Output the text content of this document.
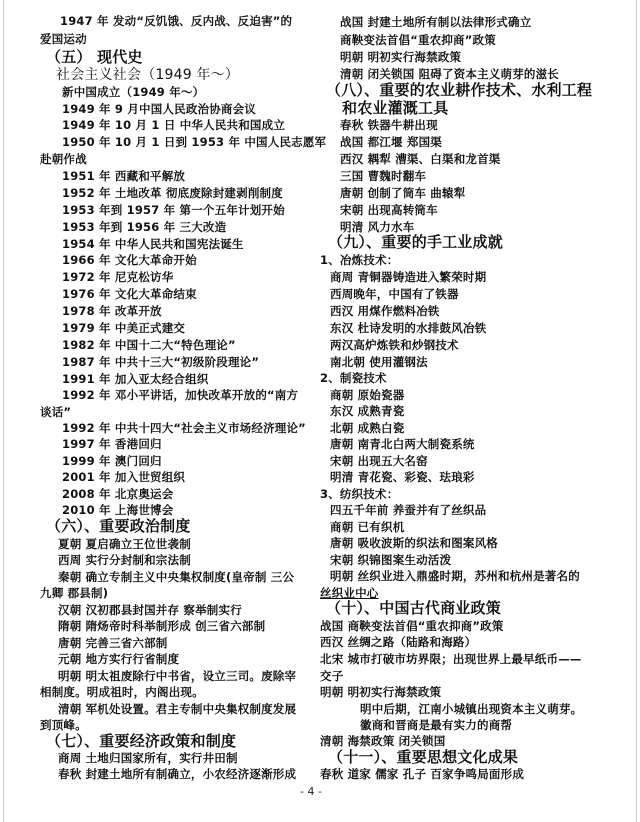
1947 年 发动“反饥饿、反内战、反迫害”的
爱国运动
（五） 现代史
社会主义社会（1949 年～）
新中国成立（1949 年～）
1949 年 9 月中国人民政治协商会议
1949 年 10 月 1 日 中华人民共和国成立
1950 年 10 月 1 日到 1953 年 中国人民志愿军
赴朝作战
1951 年 西藏和平解放
1952 年 土地改革 彻底废除封建剥削制度
1953 年到 1957 年 第一个五年计划开始
1953 年到 1956 年 三大改造
1954 年 中华人民共和国宪法诞生
1966 年 文化大革命开始
1972 年 尼克松访华
1976 年 文化大革命结束
1978 年 改革开放
1979 年 中美正式建交
1982 年 中国十二大“特色理论”
1987 年 中共十三大“初级阶段理论”
1991 年 加入亚太经合组织
1992 年 邓小平讲话，加快改革开放的“南方
谈话”
1992 年 中共十四大“社会主义市场经济理论”
1997 年 香港回归
1999 年 澳门回归
2001 年 加入世贸组织
2008 年 北京奥运会
2010 年 上海世博会
（六）、重要政治制度
夏朝 夏启确立王位世袭制
西周 实行分封制和宗法制
秦朝 确立专制主义中央集权制度(皇帝制 三公
九卿 郡县制)
汉朝 汉初郡县封国并存 察举制实行
隋朝 隋炀帝时科举制形成 创三省六部制
唐朝 完善三省六部制
元朝 地方实行行省制度
明朝 明太祖废除行中书省，设立三司。废除宰
相制度。明成祖时，内阁出现。
清朝 军机处设置。君主专制中央集权制度发展
到顶峰。
（七）、重要经济政策和制度
商周 土地归国家所有，实行井田制
春秋 封建土地所有制确立，小农经济逐渐形成
战国 封建土地所有制以法律形式确立
商鞅变法首倡“重农抑商”政策
明朝 明初实行海禁政策
清朝 闭关锁国 阻碍了资本主义萌芽的滋长
（八）、重要的农业耕作技术、水利工程
和农业灌溉工具
春秋 铁器牛耕出现
战国 都江堰 郑国渠
西汉 耦犁 漕渠、白渠和龙首渠
三国 曹魏时翻车
唐朝 创制了筒车 曲辕犁
宋朝 出现高转筒车
明清 风力水车
（九）、重要的手工业成就
1、冶炼技术：
商周 青铜器铸造进入繁荣时期
西周晚年，中国有了铁器
西汉 用煤作燃料冶铁
东汉 杜诗发明的水排鼓风冶铁
两汉高炉炼铁和炒钢技术
南北朝 使用灌钢法
2、制瓷技术
商朝 原始瓷器
东汉 成熟青瓷
北朝 成熟白瓷
唐朝 南青北白两大制瓷系统
宋朝 出现五大名窑
明清 青花瓷、彩瓷、珐琅彩
3、纺织技术：
四五千年前 养蚕并有了丝织品
商朝 已有织机
唐朝 吸收波斯的织法和图案风格
宋朝 织锦图案生动活泼
明朝 丝织业进入鼎盛时期，苏州和杭州是著名的
丝织业中心
（十）、中国古代商业政策
战国 商鞅变法首倡“重农抑商”政策
西汉 丝绸之路（陆路和海路）
北宋 城市打破市坊界限；出现世界上最早纸币——
交子
明朝 明初实行海禁政策
明中后期，江南小城镇出现资本主义萌芽。
徽商和晋商是最有实力的商帮
清朝 海禁政策 闭关锁国
（十一）、重要思想文化成果
春秋 道家 儒家 孔子 百家争鸣局面形成
- 4 -
